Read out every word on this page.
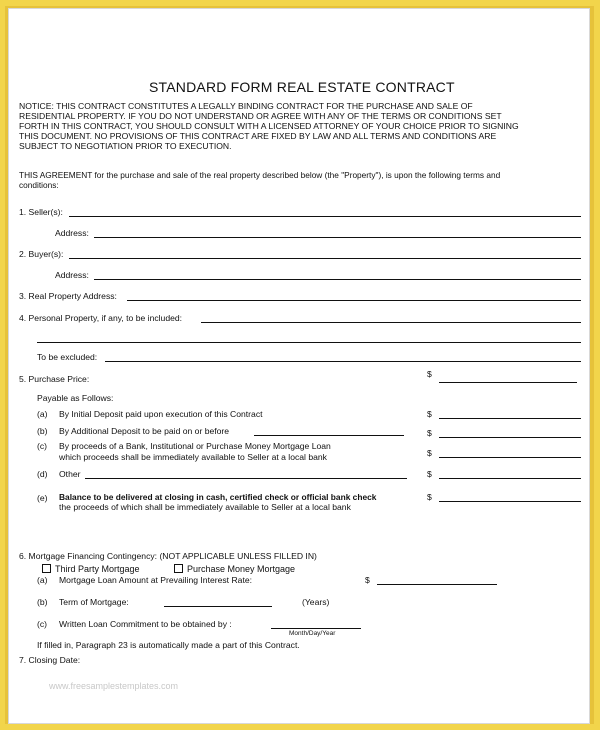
STANDARD FORM REAL ESTATE CONTRACT
NOTICE: THIS CONTRACT CONSTITUTES A LEGALLY BINDING CONTRACT FOR THE PURCHASE AND SALE OF
RESIDENTIAL PROPERTY. IF YOU DO NOT UNDERSTAND OR AGREE WITH ANY OF THE TERMS OR CONDITIONS SET
FORTH IN THIS CONTRACT, YOU SHOULD CONSULT WITH A LICENSED ATTORNEY OF YOUR CHOICE PRIOR TO SIGNING
THIS DOCUMENT. NO PROVISIONS OF THIS CONTRACT ARE FIXED BY LAW AND ALL TERMS AND CONDITIONS ARE
SUBJECT TO NEGOTIATION PRIOR TO EXECUTION.
THIS AGREEMENT for the purchase and sale of the real property described below (the "Property"), is upon the following terms and
conditions:
1. Seller(s):
Address:
2. Buyer(s):
Address:
3. Real Property Address:
4. Personal Property, if any, to be included:
To be excluded:
5. Purchase Price:	$
Payable as Follows:
(a) By Initial Deposit paid upon execution of this Contract	$
(b) By Additional Deposit to be paid on or before	$
(c) By proceeds of a Bank, Institutional or Purchase Money Mortgage Loan
which proceeds shall be immediately available to Seller at a local bank	$
(d) Other	$
(e) Balance to be delivered at closing in cash, certified check or official bank check
the proceeds of which shall be immediately available to Seller at a local bank
$
6. Mortgage Financing Contingency: (NOT APPLICABLE UNLESS FILLED IN)
Third Party Mortgage	Purchase Money Mortgage
(a) Mortgage Loan Amount at Prevailing Interest Rate:	$
(b) Term of Mortgage:	(Years)
(c) Written Loan Commitment to be obtained by :
Month/Day/Year
If filled in, Paragraph 23 is automatically made a part of this Contract.
7. Closing Date:
www.freesamplestemplates.com
